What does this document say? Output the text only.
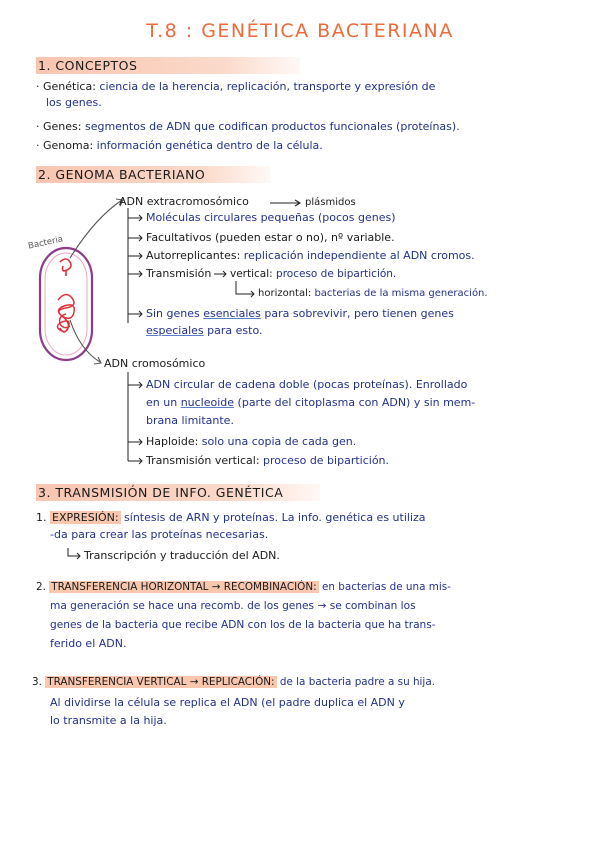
T.8 : GENÉTICA BACTERIANA
1. CONCEPTOS
· Genética: ciencia de la herencia, replicación, transporte y expresión de
los genes.
· Genes: segmentos de ADN que codifican productos funcionales (proteínas).
· Genoma: información genética dentro de la célula.
2. GENOMA BACTERIANO
Bacteria
ADN extracromosómico	plásmidos
Moléculas circulares pequeñas (pocos genes)
Facultativos (pueden estar o no), nº variable.
Autorreplicantes: replicación independiente al ADN cromos.
Transmisión vertical: proceso de bipartición.
horizontal: bacterias de la misma generación.
Sin genes esenciales para sobrevivir, pero tienen genes
especiales para esto.
ADN cromosómico
ADN circular de cadena doble (pocas proteínas). Enrollado
en un nucleoide (parte del citoplasma con ADN) y sin mem-
brana limitante.
Haploide: solo una copia de cada gen.
Transmisión vertical: proceso de bipartición.
3. TRANSMISIÓN DE INFO. GENÉTICA
1. EXPRESIÓN: síntesis de ARN y proteínas. La info. genética es utiliza
-da para crear las proteínas necesarias.
Transcripción y traducción del ADN.
2. TRANSFERENCIA HORIZONTAL → RECOMBINACIÓN: en bacterias de una mis-
ma generación se hace una recomb. de los genes → se combinan los
genes de la bacteria que recibe ADN con los de la bacteria que ha trans-
ferido el ADN.
3. TRANSFERENCIA VERTICAL → REPLICACIÓN: de la bacteria padre a su hija.
Al dividirse la célula se replica el ADN (el padre duplica el ADN y
lo transmite a la hija.
